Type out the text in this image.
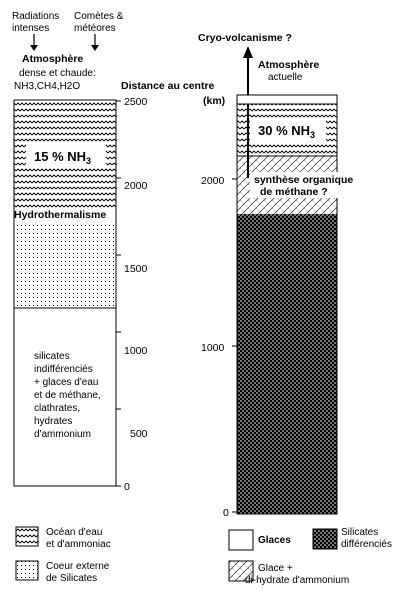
Radiations
intenses
Comètes &
météores
Atmosphère
dense et chaude:
NH3,CH4,H2O
15 % $NH_3$
Hydrothermalisme
silicates
indifférenciés
+ glaces d'eau
et de méthane,
clathrates,
hydrates
d'ammonium
Distance au centre
2500
2000
1500
1000
500
0
Cryo-volcanisme ?
Atmosphère
actuelle
30 % $NH_3$
synthèse organique
de méthane ?
(km)
2000
1000
0
Océan d'eau
et d'ammoniac
Coeur externe
de Silicates
Glaces
Silicates
différenciés
Glace +
di-hydrate d'ammonium
